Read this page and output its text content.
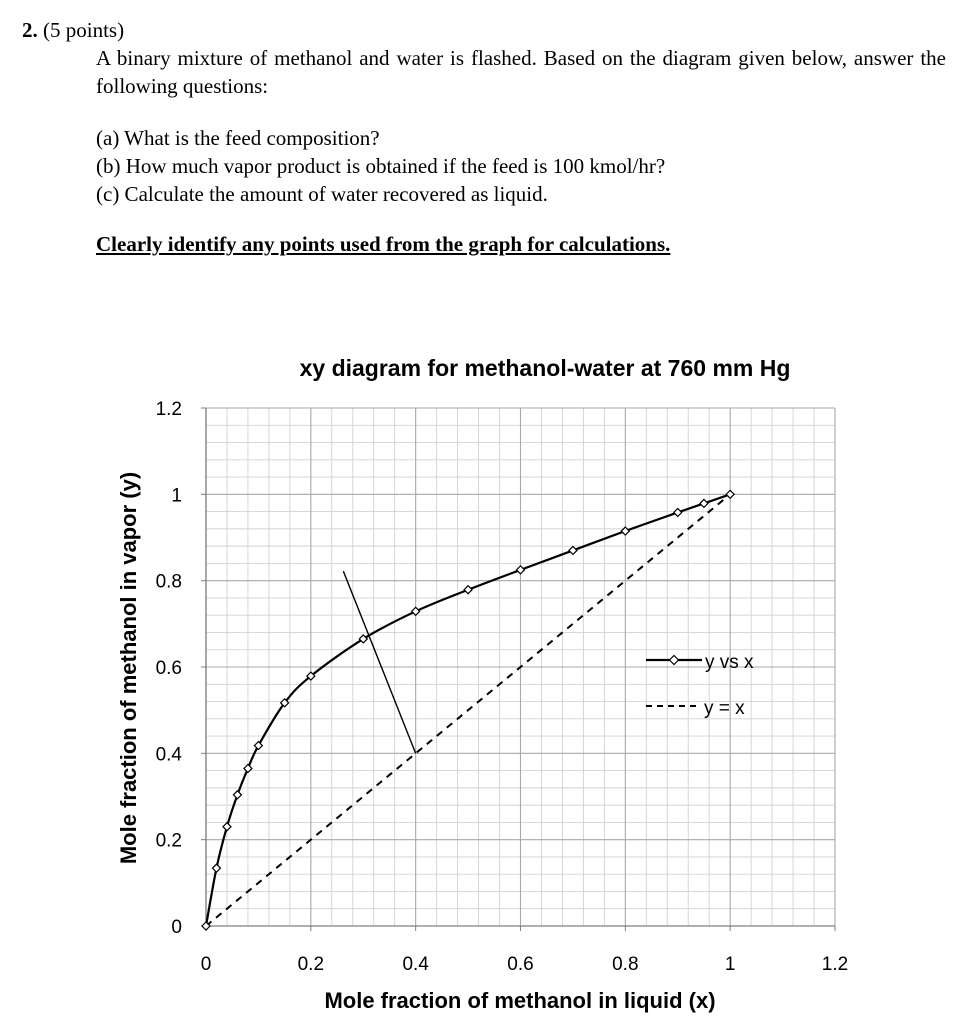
2. (5 points)
A binary mixture of methanol and water is flashed. Based on the diagram given below, answer the following questions:
(a) What is the feed composition?
(b) How much vapor product is obtained if the feed is 100 kmol/hr?
(c) Calculate the amount of water recovered as liquid.
Clearly identify any points used from the graph for calculations.
0	0.2	0.4	0.6	0.8	1	1.2
0
0.2
0.4
0.6
0.8
1
1.2
xy diagram for methanol-water at 760 mm Hg
Mole fraction of methanol in liquid (x)
Mole fraction of methanol in vapor (y)	y vs x
y = x
